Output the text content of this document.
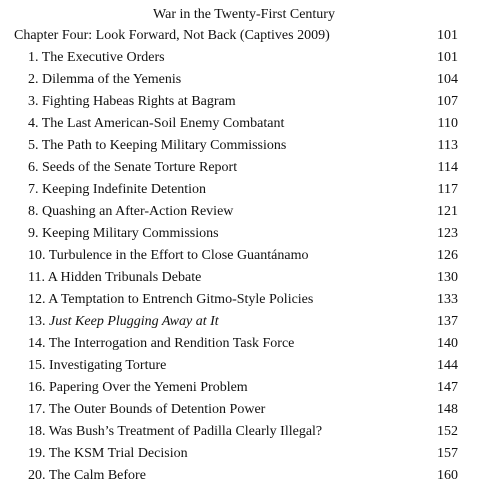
War in the Twenty-First Century
Chapter Four: Look Forward, Not Back (Captives 2009)	101
1. The Executive Orders	101
2. Dilemma of the Yemenis	104
3. Fighting Habeas Rights at Bagram	107
4. The Last American-Soil Enemy Combatant	110
5. The Path to Keeping Military Commissions	113
6. Seeds of the Senate Torture Report	114
7. Keeping Indefinite Detention	117
8. Quashing an After-Action Review	121
9. Keeping Military Commissions	123
10. Turbulence in the Effort to Close Guantánamo	126
11. A Hidden Tribunals Debate	130
12. A Temptation to Entrench Gitmo-Style Policies	133
13. Just Keep Plugging Away at It	137
14. The Interrogation and Rendition Task Force	140
15. Investigating Torture	144
16. Papering Over the Yemeni Problem	147
17. The Outer Bounds of Detention Power	148
18. Was Bush’s Treatment of Padilla Clearly Illegal?	152
19. The KSM Trial Decision	157
20. The Calm Before	160
